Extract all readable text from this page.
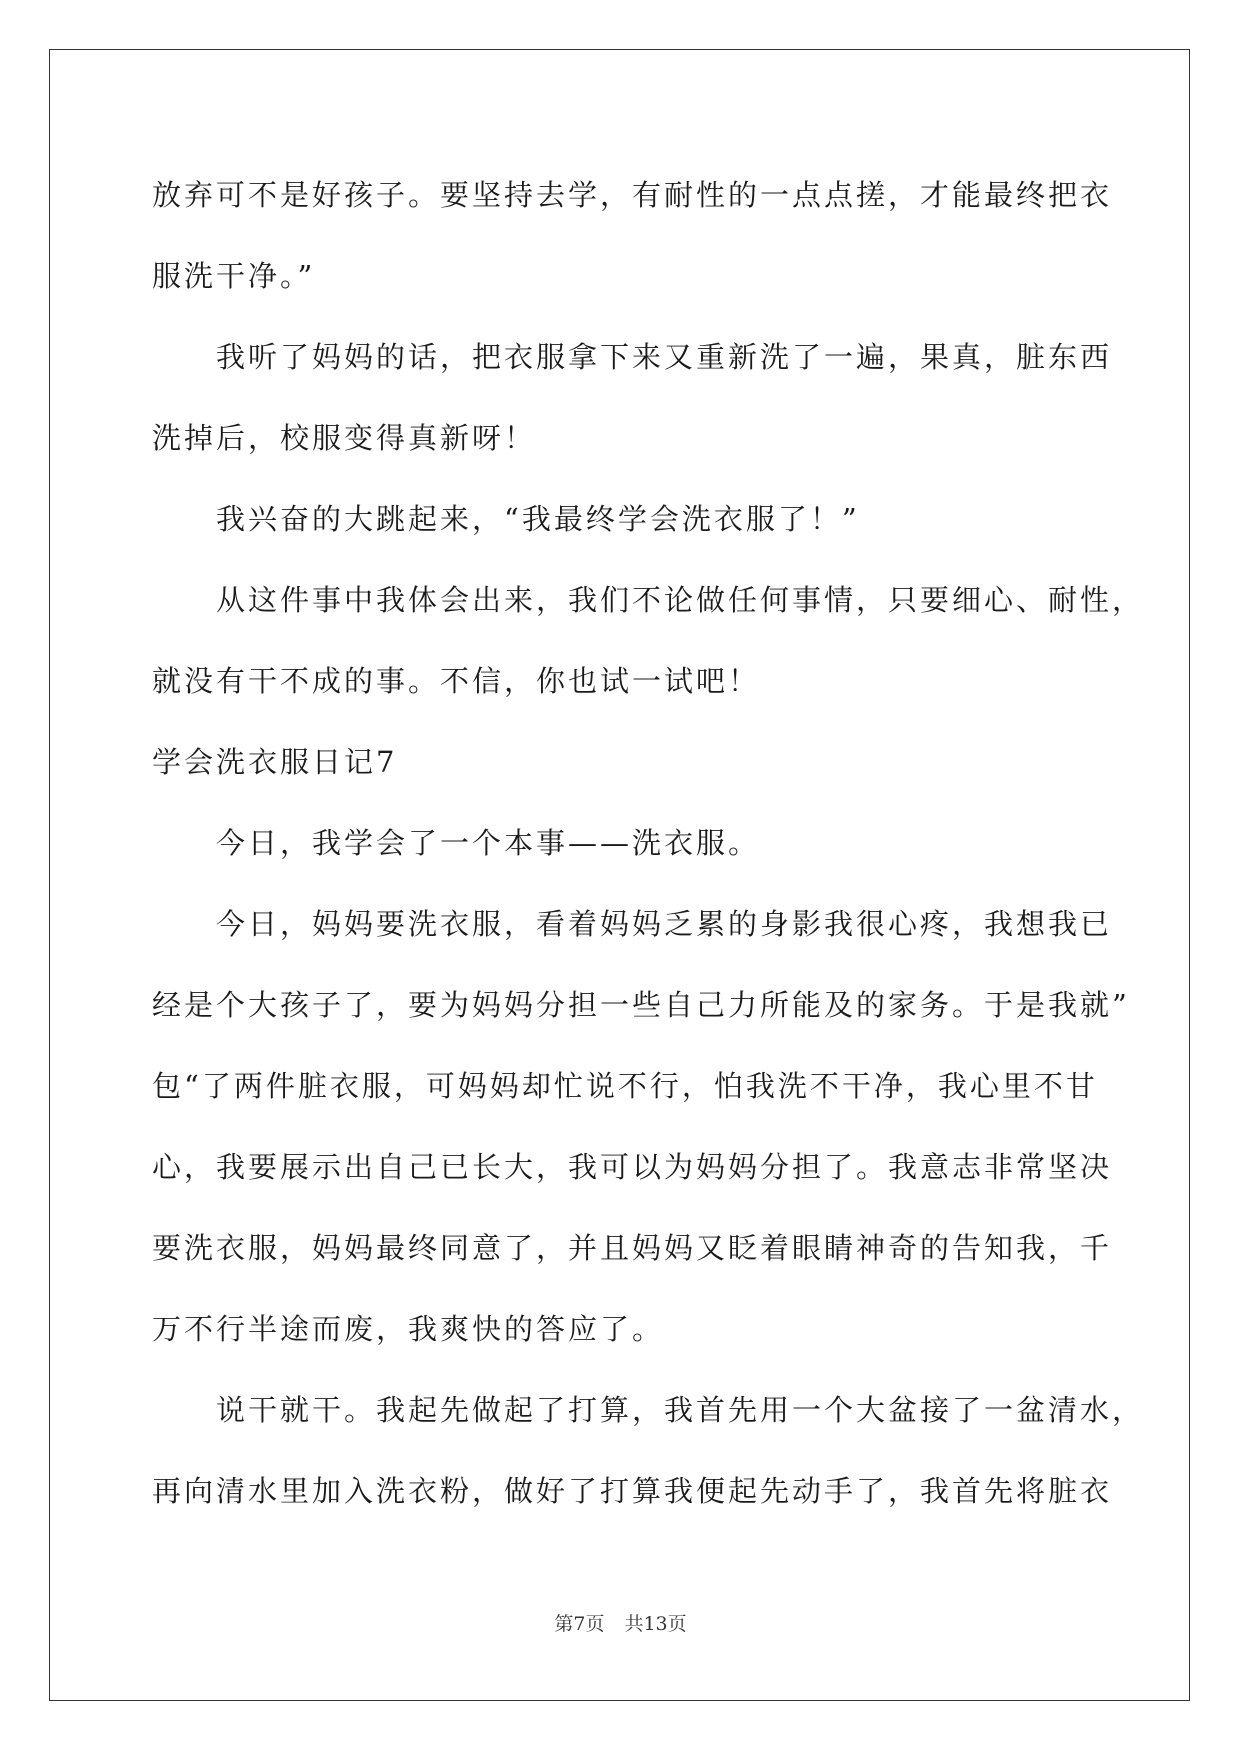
放弃可不是好孩子。要坚持去学，有耐性的一点点搓，才能最终把衣

服洗干净。”

我听了妈妈的话，把衣服拿下来又重新洗了一遍，果真，脏东西

洗掉后，校服变得真新呀！

我兴奋的大跳起来，“我最终学会洗衣服了！”

从这件事中我体会出来，我们不论做任何事情，只要细心、耐性，

就没有干不成的事。不信，你也试一试吧！

学会洗衣服日记7

今日，我学会了一个本事——洗衣服。

今日，妈妈要洗衣服，看着妈妈乏累的身影我很心疼，我想我已

经是个大孩子了，要为妈妈分担一些自己力所能及的家务。于是我就”

包“了两件脏衣服，可妈妈却忙说不行，怕我洗不干净，我心里不甘

心，我要展示出自己已长大，我可以为妈妈分担了。我意志非常坚决

要洗衣服，妈妈最终同意了，并且妈妈又眨着眼睛神奇的告知我，千

万不行半途而废，我爽快的答应了。

说干就干。我起先做起了打算，我首先用一个大盆接了一盆清水，

再向清水里加入洗衣粉，做好了打算我便起先动手了，我首先将脏衣

第7页 共13页
